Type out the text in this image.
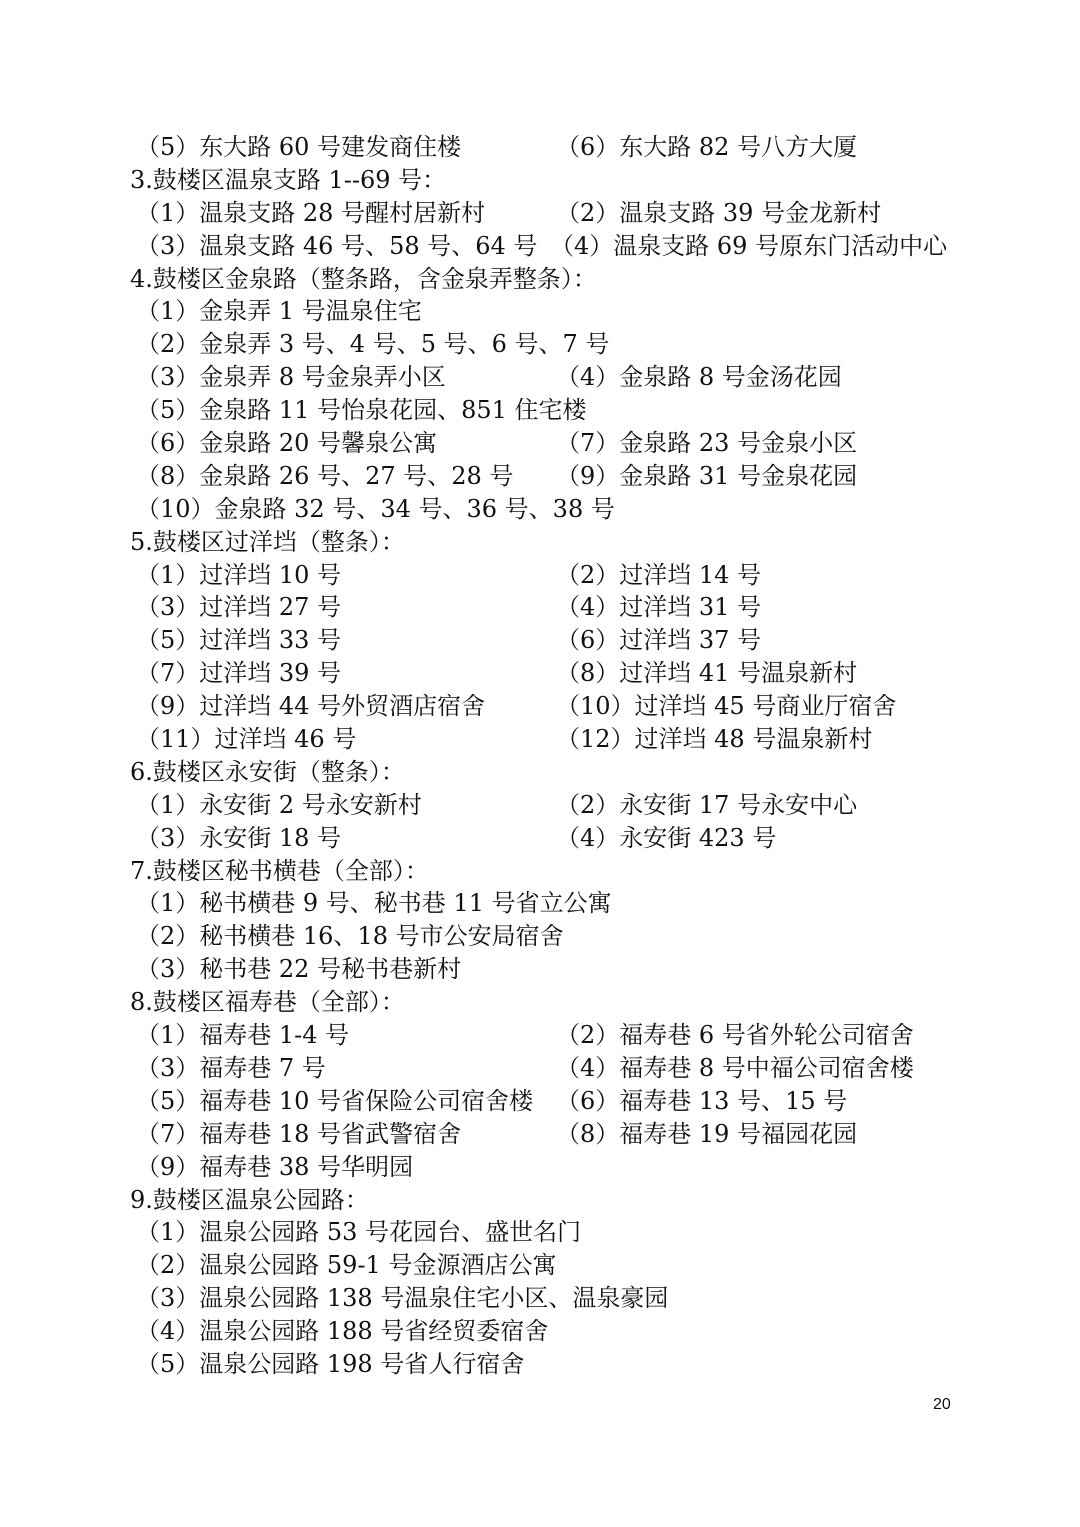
（5）东大路 60 号建发商住楼	（6）东大路 82 号八方大厦
3.鼓楼区温泉支路 1--69 号：
（1）温泉支路 28 号醒村居新村	（2）温泉支路 39 号金龙新村
（3）温泉支路 46 号、58 号、64 号 （4）温泉支路 69 号原东门活动中心
4.鼓楼区金泉路（整条路，含金泉弄整条）：
（1）金泉弄 1 号温泉住宅
（2）金泉弄 3 号、4 号、5 号、6 号、7 号
（3）金泉弄 8 号金泉弄小区	（4）金泉路 8 号金汤花园
（5）金泉路 11 号怡泉花园、851 住宅楼
（6）金泉路 20 号馨泉公寓	（7）金泉路 23 号金泉小区
（8）金泉路 26 号、27 号、28 号 （9）金泉路 31 号金泉花园
（10）金泉路 32 号、34 号、36 号、38 号
5.鼓楼区过洋垱（整条）：
（1）过洋垱 10 号	（2）过洋垱 14 号
（3）过洋垱 27 号	（4）过洋垱 31 号
（5）过洋垱 33 号	（6）过洋垱 37 号
（7）过洋垱 39 号	（8）过洋垱 41 号温泉新村
（9）过洋垱 44 号外贸酒店宿舍	（10）过洋垱 45 号商业厅宿舍
（11）过洋垱 46 号	（12）过洋垱 48 号温泉新村
6.鼓楼区永安街（整条）：
（1）永安街 2 号永安新村	（2）永安街 17 号永安中心
（3）永安街 18 号	（4）永安街 423 号
7.鼓楼区秘书横巷（全部）：
（1）秘书横巷 9 号、秘书巷 11 号省立公寓
（2）秘书横巷 16、18 号市公安局宿舍
（3）秘书巷 22 号秘书巷新村
8.鼓楼区福寿巷（全部）：
（1）福寿巷 1-4 号	（2）福寿巷 6 号省外轮公司宿舍
（3）福寿巷 7 号	（4）福寿巷 8 号中福公司宿舍楼
（5）福寿巷 10 号省保险公司宿舍楼 （6）福寿巷 13 号、15 号
（7）福寿巷 18 号省武警宿舍	（8）福寿巷 19 号福园花园
（9）福寿巷 38 号华明园
9.鼓楼区温泉公园路：
（1）温泉公园路 53 号花园台、盛世名门
（2）温泉公园路 59-1 号金源酒店公寓
（3）温泉公园路 138 号温泉住宅小区、温泉豪园
（4）温泉公园路 188 号省经贸委宿舍
（5）温泉公园路 198 号省人行宿舍
20
